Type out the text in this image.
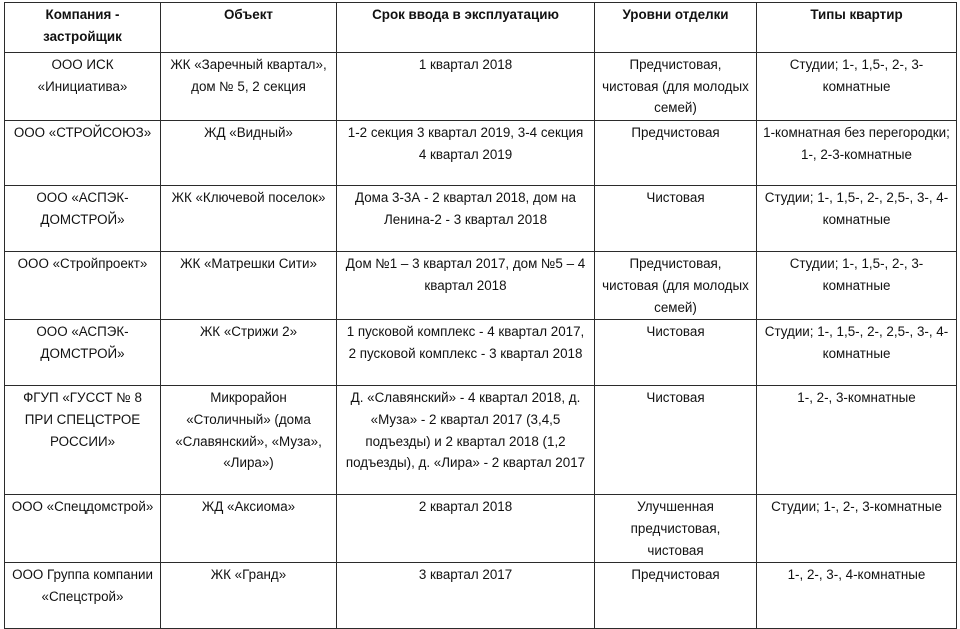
Компания - застройщик	Объект	Срок ввода в эксплуатацию	Уровни отделки	Типы квартир
ООО ИСК «Инициатива»	ЖК «Заречный квартал», дом № 5, 2 секция	1 квартал 2018	Предчистовая, чистовая (для молодых семей)	Студии; 1-, 1,5-, 2-, 3-комнатные
ООО «СТРОЙСОЮЗ»	ЖД «Видный»	1-2 секция 3 квартал 2019, 3-4 секция 4 квартал 2019	Предчистовая	1-комнатная без перегородки; 1-, 2-3-комнатные
ООО «АСПЭК-ДОМСТРОЙ»	ЖК «Ключевой поселок»	Дома 3-3А - 2 квартал 2018, дом на Ленина-2 - 3 квартал 2018	Чистовая	Студии; 1-, 1,5-, 2-, 2,5-, 3-, 4-комнатные
ООО «Стройпроект»	ЖК «Матрешки Сити»	Дом №1 – 3 квартал 2017, дом №5 – 4 квартал 2018	Предчистовая, чистовая (для молодых семей)	Студии; 1-, 1,5-, 2-, 3-комнатные
ООО «АСПЭК-ДОМСТРОЙ»	ЖК «Стрижи 2»	1 пусковой комплекс - 4 квартал 2017, 2 пусковой комплекс - 3 квартал 2018	Чистовая	Студии; 1-, 1,5-, 2-, 2,5-, 3-, 4-комнатные
ФГУП «ГУССТ № 8 ПРИ СПЕЦСТРОЕ РОССИИ»	Микрорайон «Столичный» (дома «Славянский», «Муза», «Лира»)	Д. «Славянский» - 4 квартал 2018, д. «Муза» - 2 квартал 2017 (3,4,5 подъезды) и 2 квартал 2018 (1,2 подъезды), д. «Лира» - 2 квартал 2017	Чистовая	1-, 2-, 3-комнатные
ООО «Спецдомстрой»	ЖД «Аксиома»	2 квартал 2018	Улучшенная предчистовая, чистовая	Студии; 1-, 2-, 3-комнатные
ООО Группа компании «Спецстрой»	ЖК «Гранд»	3 квартал 2017	Предчистовая	1-, 2-, 3-, 4-комнатные
